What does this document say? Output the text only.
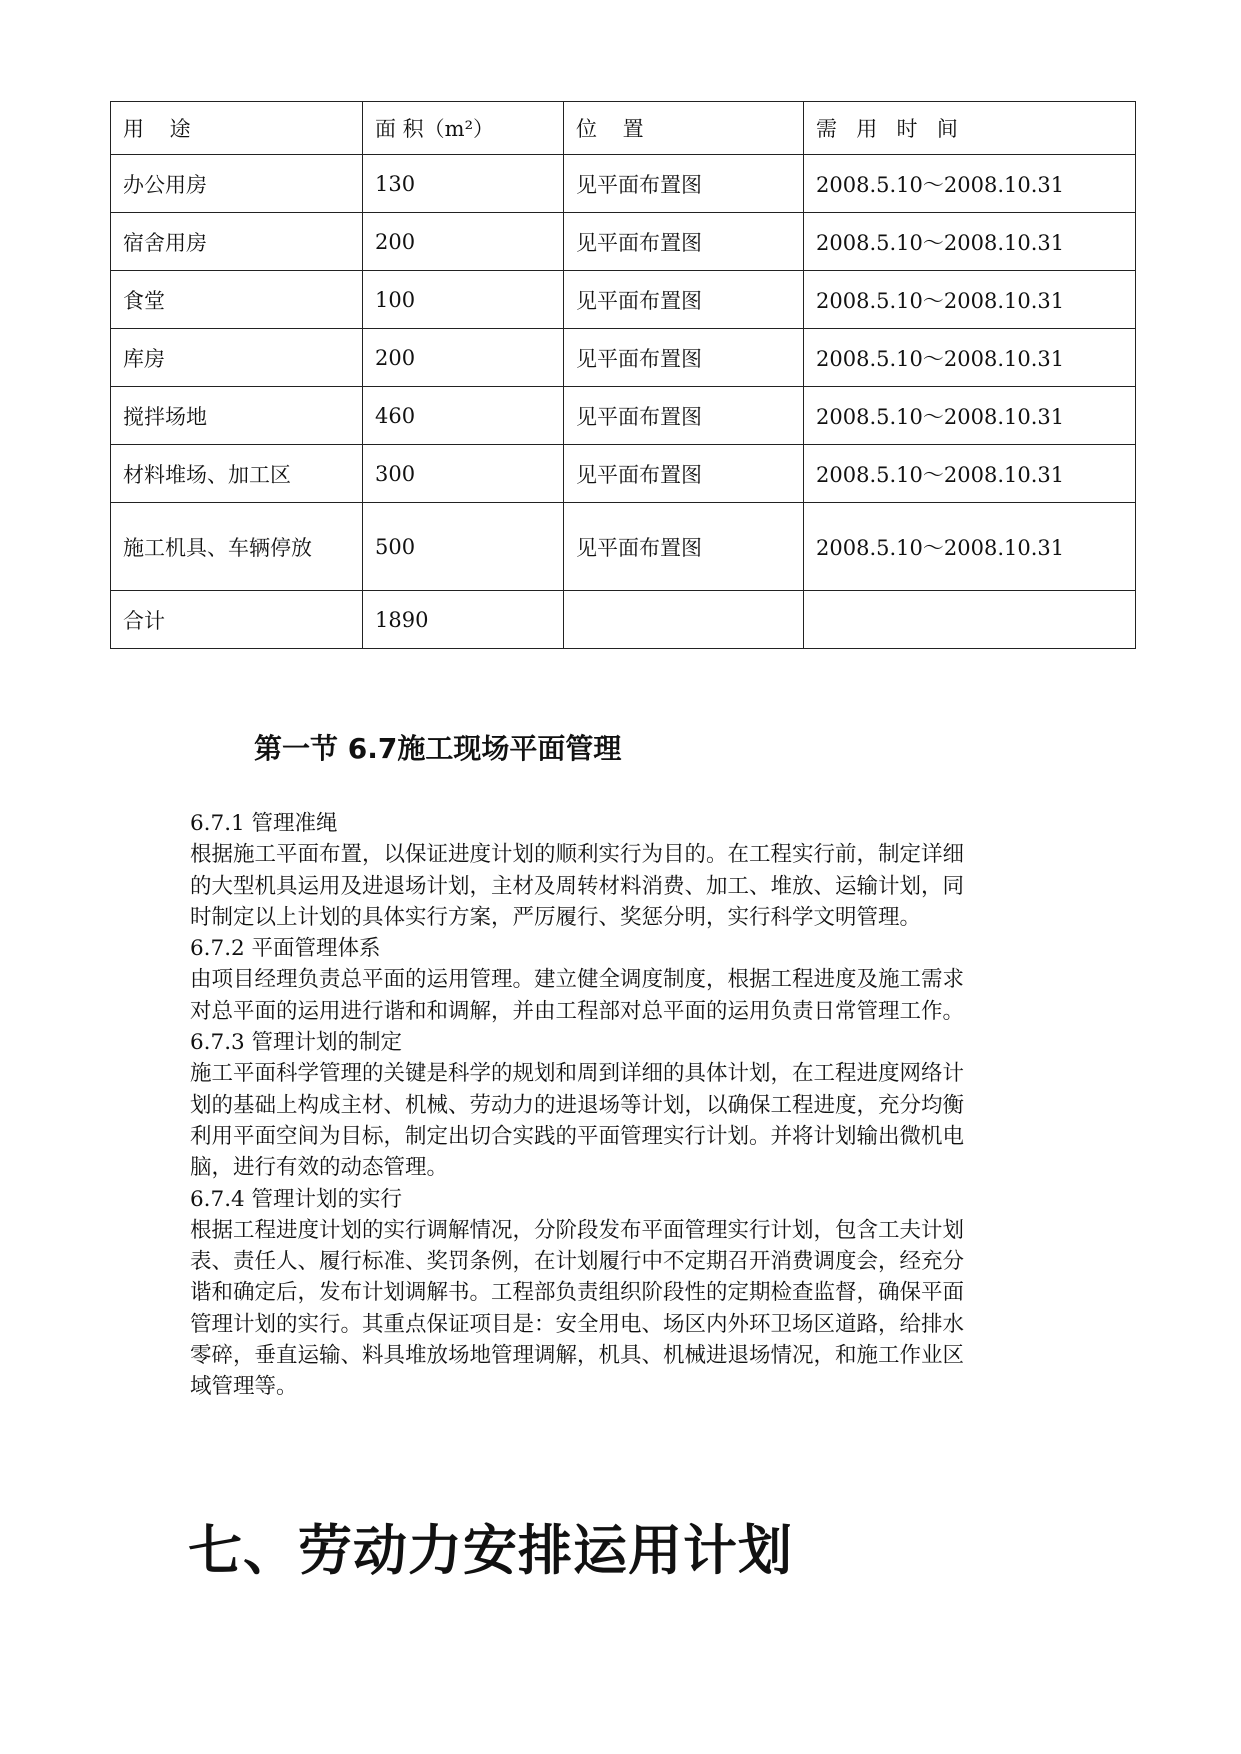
用 途	面 积（m²）	位 置	需 用 时 间
办公用房	130	见平面布置图	2008.5.10～2008.10.31
宿舍用房	200	见平面布置图	2008.5.10～2008.10.31
食堂	100	见平面布置图	2008.5.10～2008.10.31
库房	200	见平面布置图	2008.5.10～2008.10.31
搅拌场地	460	见平面布置图	2008.5.10～2008.10.31
材料堆场、加工区	300	见平面布置图	2008.5.10～2008.10.31
施工机具、车辆停放	500	见平面布置图	2008.5.10～2008.10.31
合计	1890		
第一节 6.7施工现场平面管理
6.7.1 管理准绳
根据施工平面布置，以保证进度计划的顺利实行为目的。在工程实行前，制定详细
的大型机具运用及进退场计划，主材及周转材料消费、加工、堆放、运输计划，同
时制定以上计划的具体实行方案，严厉履行、奖惩分明，实行科学文明管理。
6.7.2 平面管理体系
由项目经理负责总平面的运用管理。建立健全调度制度，根据工程进度及施工需求
对总平面的运用进行谐和和调解，并由工程部对总平面的运用负责日常管理工作。
6.7.3 管理计划的制定
施工平面科学管理的关键是科学的规划和周到详细的具体计划，在工程进度网络计
划的基础上构成主材、机械、劳动力的进退场等计划，以确保工程进度，充分均衡
利用平面空间为目标，制定出切合实践的平面管理实行计划。并将计划输出微机电
脑，进行有效的动态管理。
6.7.4 管理计划的实行
根据工程进度计划的实行调解情况，分阶段发布平面管理实行计划，包含工夫计划
表、责任人、履行标准、奖罚条例，在计划履行中不定期召开消费调度会，经充分
谐和确定后，发布计划调解书。工程部负责组织阶段性的定期检查监督，确保平面
管理计划的实行。其重点保证项目是：安全用电、场区内外环卫场区道路，给排水
零碎，垂直运输、料具堆放场地管理调解，机具、机械进退场情况，和施工作业区
域管理等。
七、劳动力安排运用计划
